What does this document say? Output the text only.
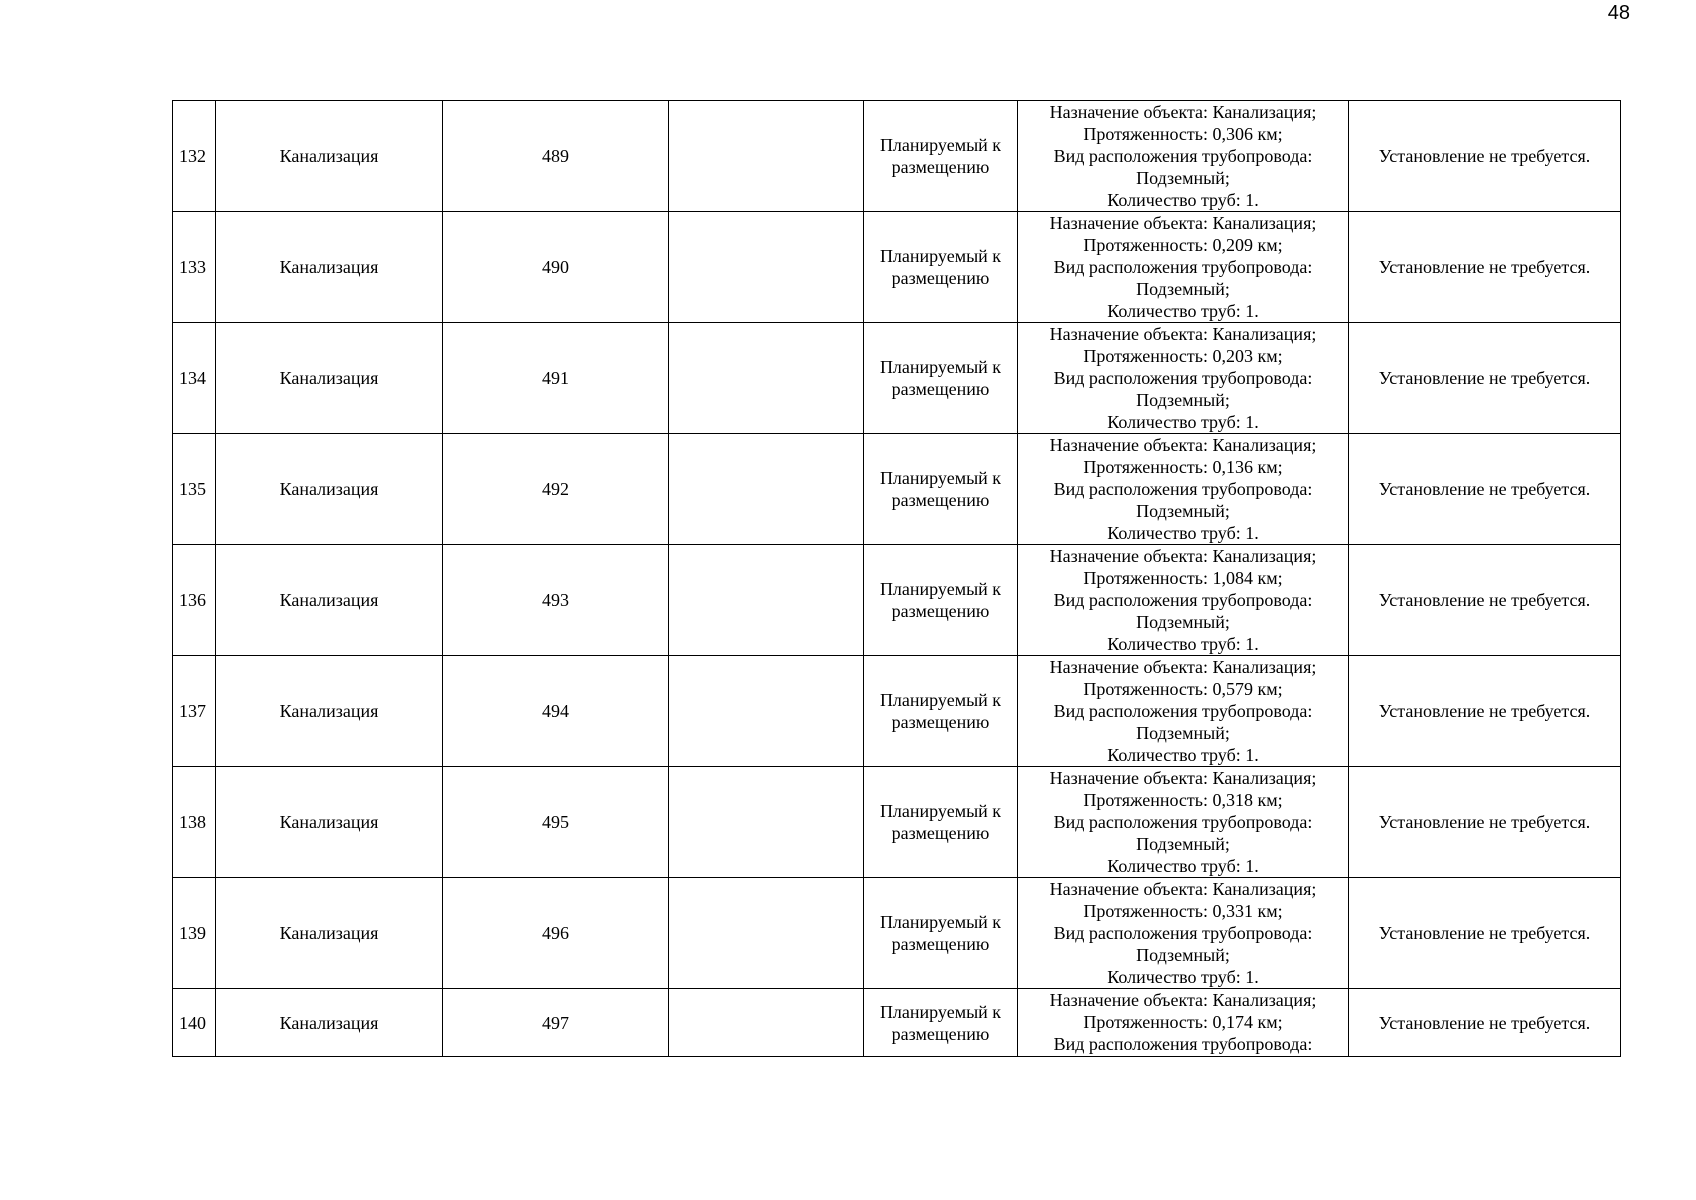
48
132	Канализация	489		Планируемый к
размещению	Назначение объекта: Канализация;
Протяженность: 0,306 км;
Вид расположения трубопровода:
Подземный;
Количество труб: 1.	Установление не требуется.
133	Канализация	490		Планируемый к
размещению	Назначение объекта: Канализация;
Протяженность: 0,209 км;
Вид расположения трубопровода:
Подземный;
Количество труб: 1.	Установление не требуется.
134	Канализация	491		Планируемый к
размещению	Назначение объекта: Канализация;
Протяженность: 0,203 км;
Вид расположения трубопровода:
Подземный;
Количество труб: 1.	Установление не требуется.
135	Канализация	492		Планируемый к
размещению	Назначение объекта: Канализация;
Протяженность: 0,136 км;
Вид расположения трубопровода:
Подземный;
Количество труб: 1.	Установление не требуется.
136	Канализация	493		Планируемый к
размещению	Назначение объекта: Канализация;
Протяженность: 1,084 км;
Вид расположения трубопровода:
Подземный;
Количество труб: 1.	Установление не требуется.
137	Канализация	494		Планируемый к
размещению	Назначение объекта: Канализация;
Протяженность: 0,579 км;
Вид расположения трубопровода:
Подземный;
Количество труб: 1.	Установление не требуется.
138	Канализация	495		Планируемый к
размещению	Назначение объекта: Канализация;
Протяженность: 0,318 км;
Вид расположения трубопровода:
Подземный;
Количество труб: 1.	Установление не требуется.
139	Канализация	496		Планируемый к
размещению	Назначение объекта: Канализация;
Протяженность: 0,331 км;
Вид расположения трубопровода:
Подземный;
Количество труб: 1.	Установление не требуется.
140	Канализация	497		Планируемый к
размещению	Назначение объекта: Канализация;
Протяженность: 0,174 км;
Вид расположения трубопровода:	Установление не требуется.
